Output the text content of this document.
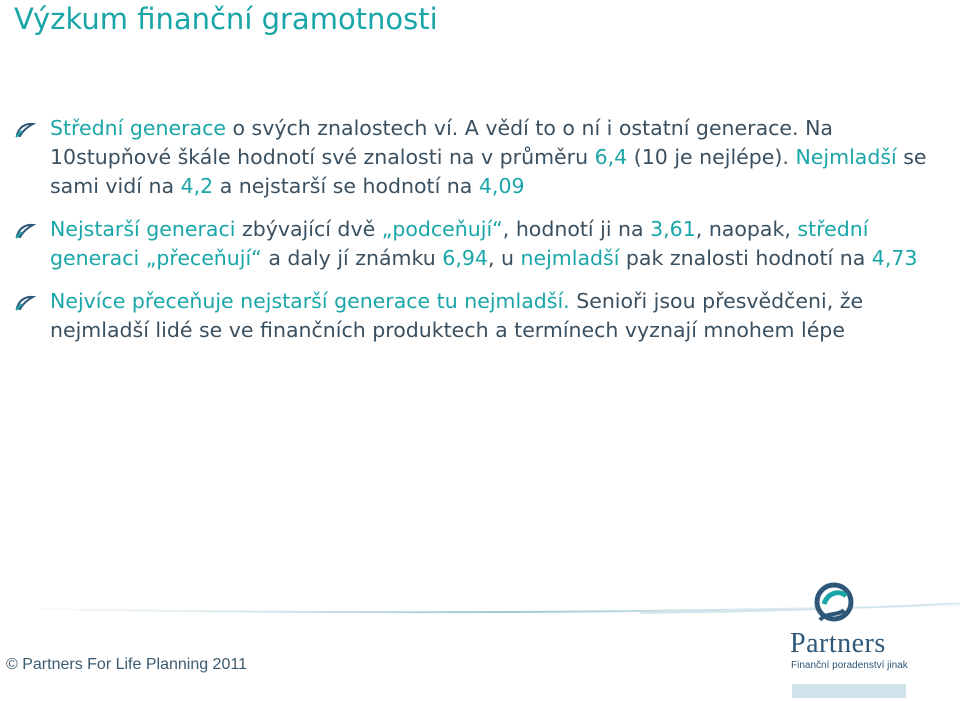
Výzkum finanční gramotnosti
Střední generace o svých znalostech ví. A vědí to o ní i ostatní generace. Na 10stupňové škále hodnotí své znalosti na v průměru 6,4 (10 je nejlépe). Nejmladší se sami vidí na 4,2 a nejstarší se hodnotí na 4,09
Nejstarší generaci zbývající dvě „podceňují“, hodnotí ji na 3,61, naopak, střední generaci „přeceňují“ a daly jí známku 6,94, u nejmladší pak znalosti hodnotí na 4,73
Nejvíce přeceňuje nejstarší generace tu nejmladší. Senioři jsou přesvědčeni, že nejmladší lidé se ve finančních produktech a termínech vyznají mnohem lépe
© Partners For Life Planning 2011
Partners
Finanční poradenství jinak
